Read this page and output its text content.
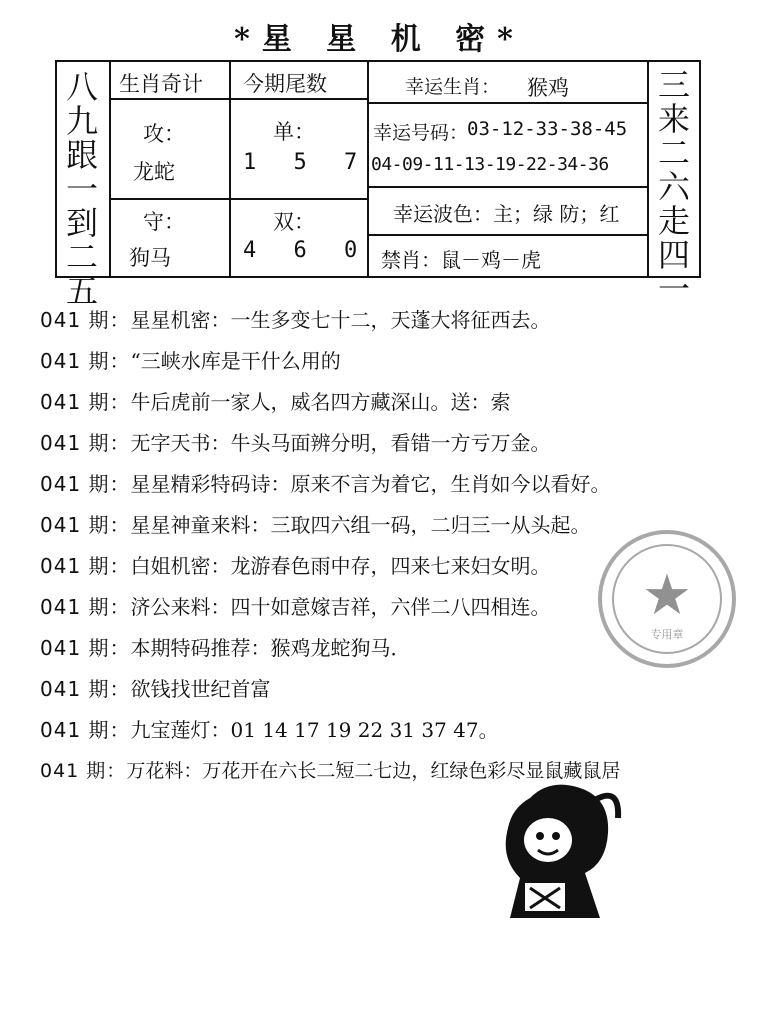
*星 星 机 密*
八九跟一到二五
三来二六走四一
生肖奇计 今期尾数
攻：
龙蛇
守：
狗马
单：
1 5 7
双：
4 6 0
幸运生肖： 猴鸡
幸运号码：
03-12-33-38-45
04-09-11-13-19-22-34-36
幸运波色：主；绿 防；红
禁肖：鼠－鸡－虎
041 期：星星机密：一生多变七十二，天蓬大将征西去。
041 期：“三峡水库是干什么用的
041 期：牛后虎前一家人，威名四方藏深山。送：索
041 期：无字天书：牛头马面辨分明，看错一方亏万金。
041 期：星星精彩特码诗：原来不言为着它，生肖如今以看好。
041 期：星星神童来料：三取四六组一码，二归三一从头起。
041 期：白姐机密：龙游春色雨中存，四来七来妇女明。
041 期：济公来料：四十如意嫁吉祥，六伴二八四相连。
041 期：本期特码推荐：猴鸡龙蛇狗马．
041 期：欲钱找世纪首富
041 期：九宝莲灯：01 14 17 19 22 31 37 47。
041 期：万花料：万花开在六长二短二七边，红绿色彩尽显鼠藏鼠居
★
专用章
